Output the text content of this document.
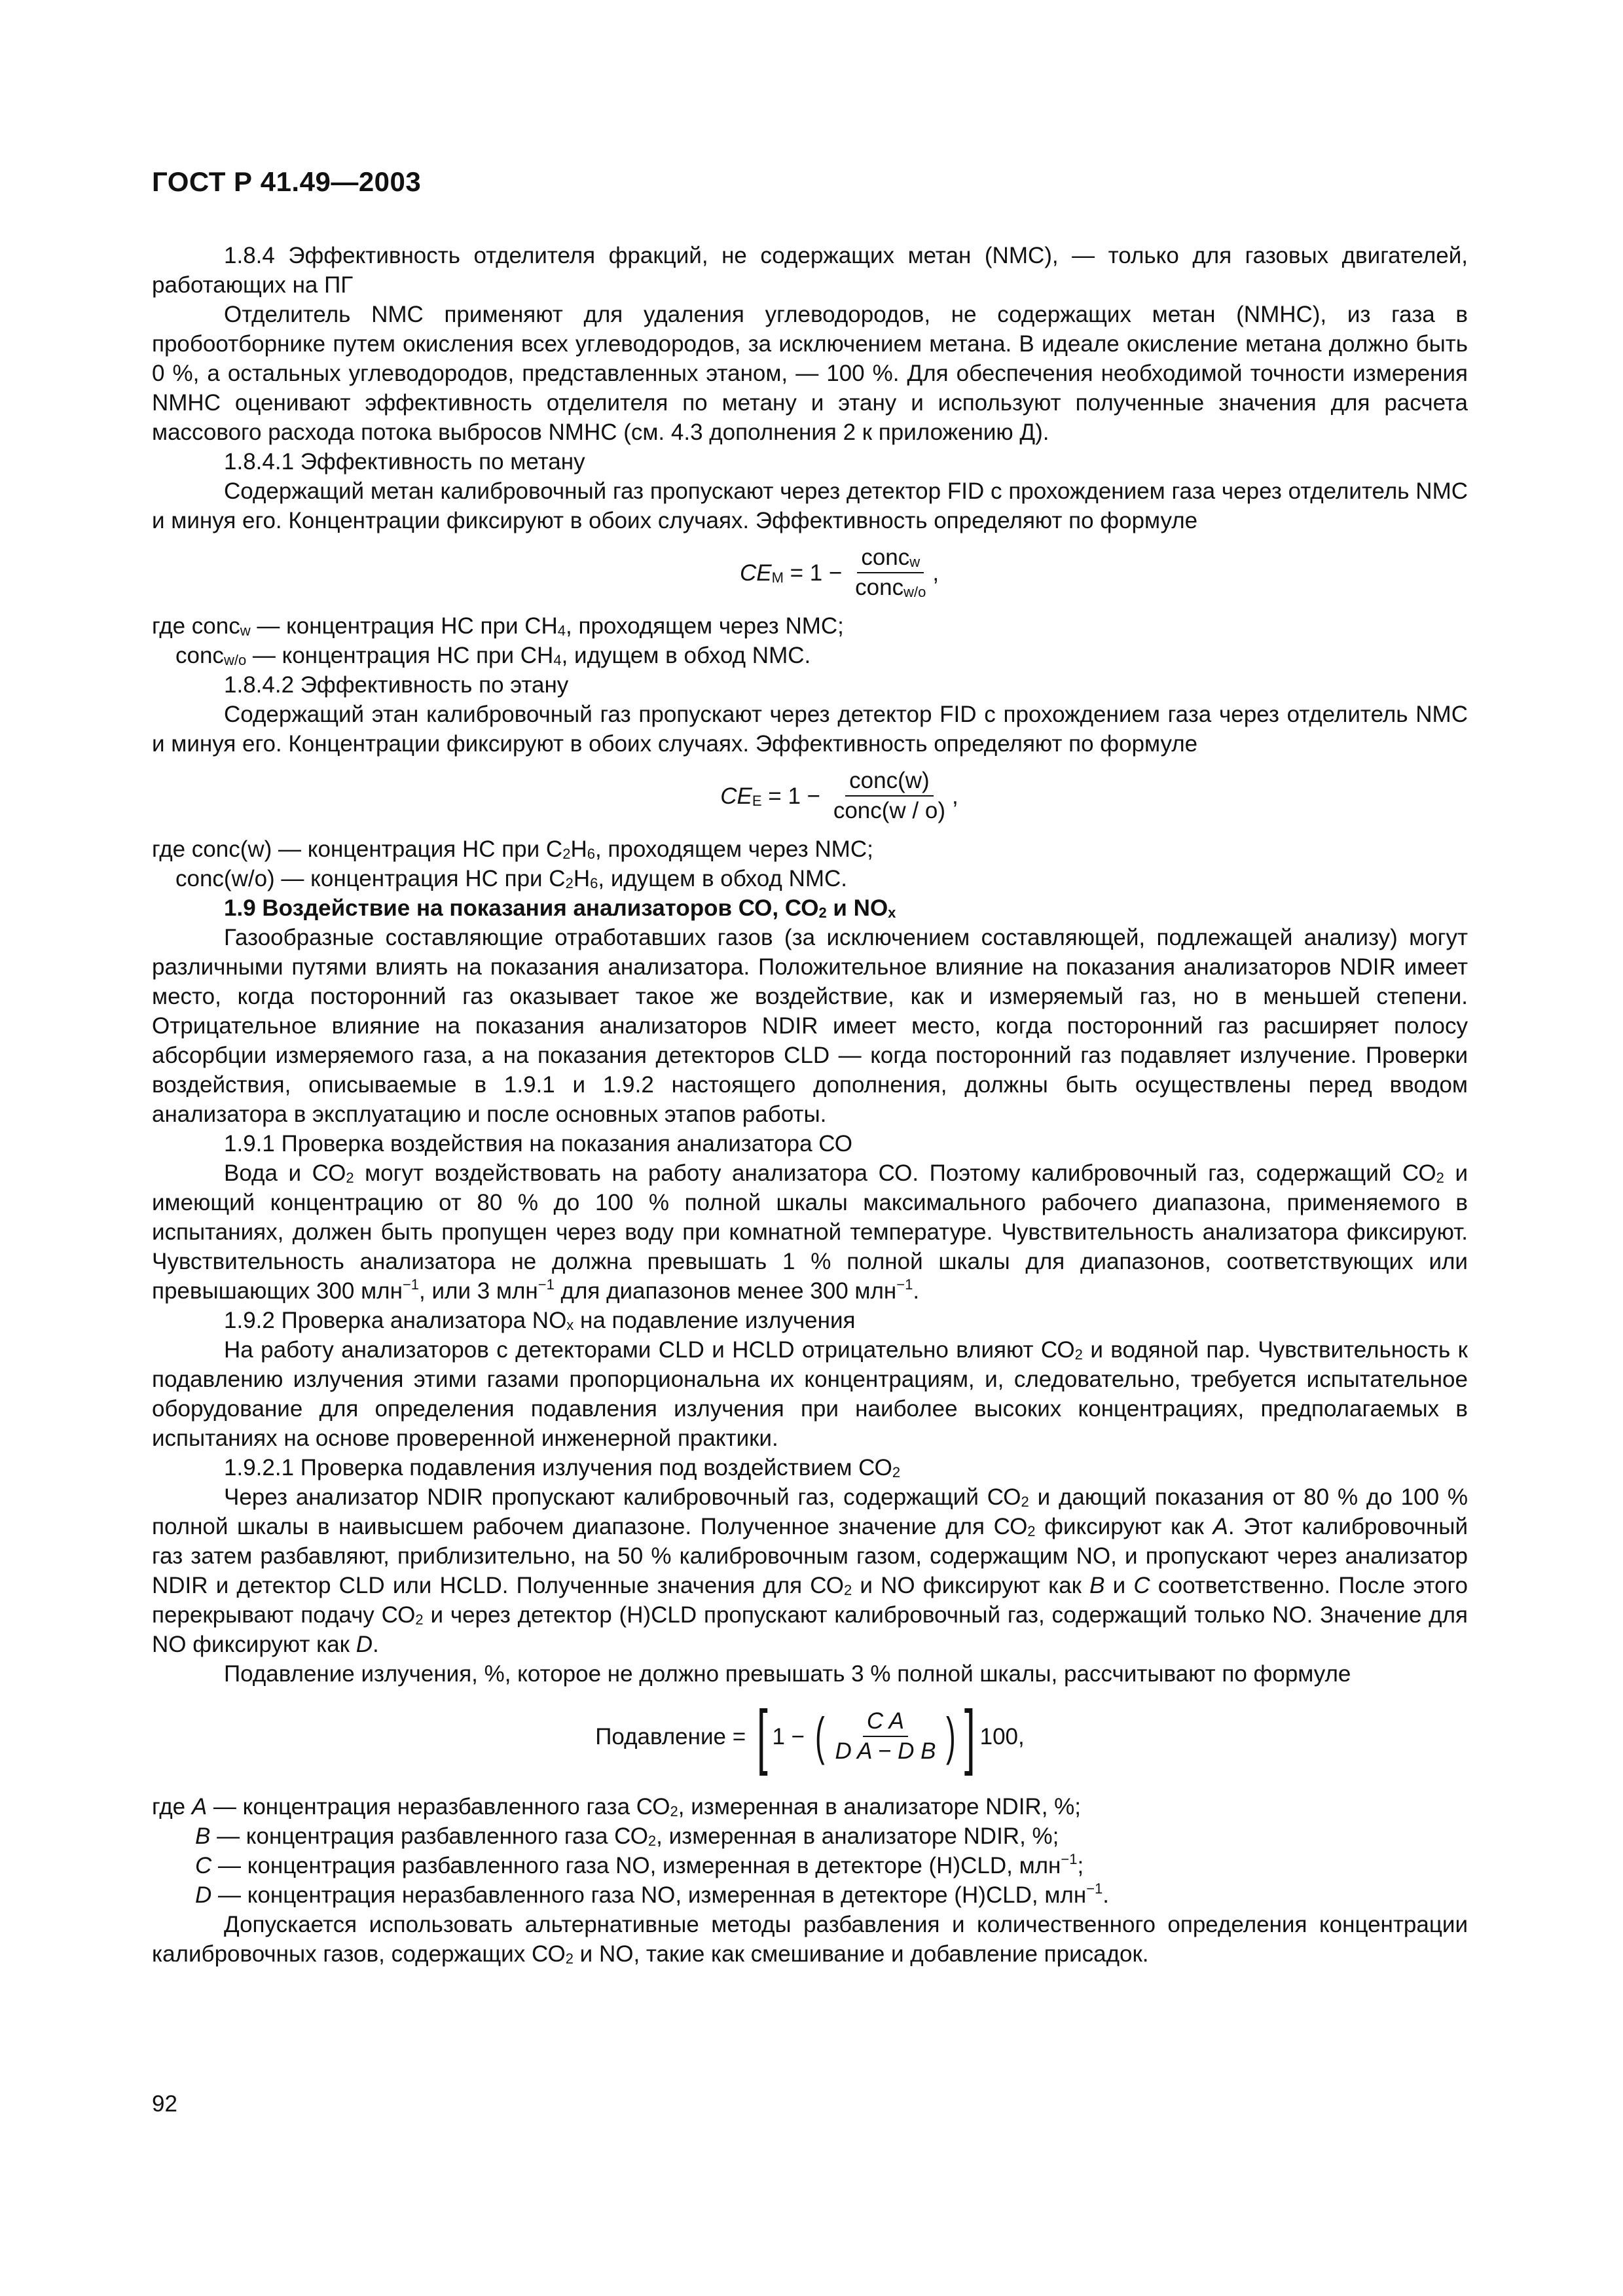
ГОСТ Р 41.49—2003

1.8.4 Эффективность отделителя фракций, не содержащих метан (NMC), — только для газовых двигателей, работающих на ПГ

Отделитель NMC применяют для удаления углеводородов, не содержащих метан (NMHC), из газа в пробоотборнике путем окисления всех углеводородов, за исключением метана. В идеале окисление метана должно быть 0 %, а остальных углеводородов, представленных этаном, — 100 %. Для обеспечения необходимой точности измерения NMHC оценивают эффективность отделителя по метану и этану и используют полученные значения для расчета массового расхода потока выбросов NMHC (см. 4.3 дополнения 2 к приложению Д).

1.8.4.1 Эффективность по метану

Содержащий метан калибровочный газ пропускают через детектор FID с прохождением газа через отделитель NMC и минуя его. Концентрации фиксируют в обоих случаях. Эффективность определяют по формуле

$CE_M = 1 - \frac{conc_w}{conc_{w/o}}$ ,

где conc$_w$ — концентрация НС при $СН_4$, проходящем через NMC;

conc$_{w/o}$ — концентрация НС при $СН_4$, идущем в обход NMC.

1.8.4.2 Эффективность по этану

Содержащий этан калибровочный газ пропускают через детектор FID с прохождением газа через отделитель NMC и минуя его. Концентрации фиксируют в обоих случаях. Эффективность определяют по формуле

$CE_E = 1 - \frac{\text{conc(w)}}{\text{conc(w / o)}}$ ,

где conc(w) — концентрация НС при $С_2Н_6$, проходящем через NMC;

conc(w/o) — концентрация НС при $С_2Н_6$, идущем в обход NMC.

1.9 Воздействие на показания анализаторов СО, $СО_2$ и $NO_x$

Газообразные составляющие отработавших газов (за исключением составляющей, подлежащей анализу) могут различными путями влиять на показания анализатора. Положительное влияние на показания анализаторов NDIR имеет место, когда посторонний газ оказывает такое же воздействие, как и измеряемый газ, но в меньшей степени. Отрицательное влияние на показания анализаторов NDIR имеет место, когда посторонний газ расширяет полосу абсорбции измеряемого газа, а на показания детекторов CLD — когда посторонний газ подавляет излучение. Проверки воздействия, описываемые в 1.9.1 и 1.9.2 настоящего дополнения, должны быть осуществлены перед вводом анализатора в эксплуатацию и после основных этапов работы.

1.9.1 Проверка воздействия на показания анализатора СО

Вода и $СО_2$ могут воздействовать на работу анализатора СО. Поэтому калибровочный газ, содержащий $СО_2$ и имеющий концентрацию от 80 % до 100 % полной шкалы максимального рабочего диапазона, применяемого в испытаниях, должен быть пропущен через воду при комнатной температуре. Чувствительность анализатора фиксируют. Чувствительность анализатора не должна превышать 1 % полной шкалы для диапазонов, соответствующих или превышающих 300 млн$^{-1}$, или 3 млн$^{-1}$ для диапазонов менее 300 млн$^{-1}$.

1.9.2 Проверка анализатора $NO_x$ на подавление излучения

На работу анализаторов с детекторами CLD и HCLD отрицательно влияют $СО_2$ и водяной пар. Чувствительность к подавлению излучения этими газами пропорциональна их концентрациям, и, следовательно, требуется испытательное оборудование для определения подавления излучения при наиболее высоких концентрациях, предполагаемых в испытаниях на основе проверенной инженерной практики.

1.9.2.1 Проверка подавления излучения под воздействием $СО_2$

Через анализатор NDIR пропускают калибровочный газ, содержащий $СО_2$ и дающий показания от 80 % до 100 % полной шкалы в наивысшем рабочем диапазоне. Полученное значение для $СО_2$ фиксируют как А. Этот калибровочный газ затем разбавляют, приблизительно, на 50 % калибровочным газом, содержащим NO, и пропускают через анализатор NDIR и детектор CLD или HCLD. Полученные значения для $СО_2$ и NO фиксируют как В и С соответственно. После этого перекрывают подачу $СО_2$ и через детектор (H)CLD пропускают калибровочный газ, содержащий только NO. Значение для NO фиксируют как D.

Подавление излучения, %, которое не должно превышать 3 % полной шкалы, рассчитывают по формуле

Подавление = [ 1 − ( $\frac{\text{C A}}{\text{D A − D B}}$ ) ] 100 ,

где А — концентрация неразбавленного газа $СО_2$, измеренная в анализаторе NDIR, %;

В — концентрация разбавленного газа $СО_2$, измеренная в анализаторе NDIR, %;

С — концентрация разбавленного газа NO, измеренная в детекторе (H)CLD, млн$^{-1}$;

D — концентрация неразбавленного газа NO, измеренная в детекторе (H)CLD, млн$^{-1}$.

Допускается использовать альтернативные методы разбавления и количественного определения концентрации калибровочных газов, содержащих $СО_2$ и NO, такие как смешивание и добавление присадок.

92
